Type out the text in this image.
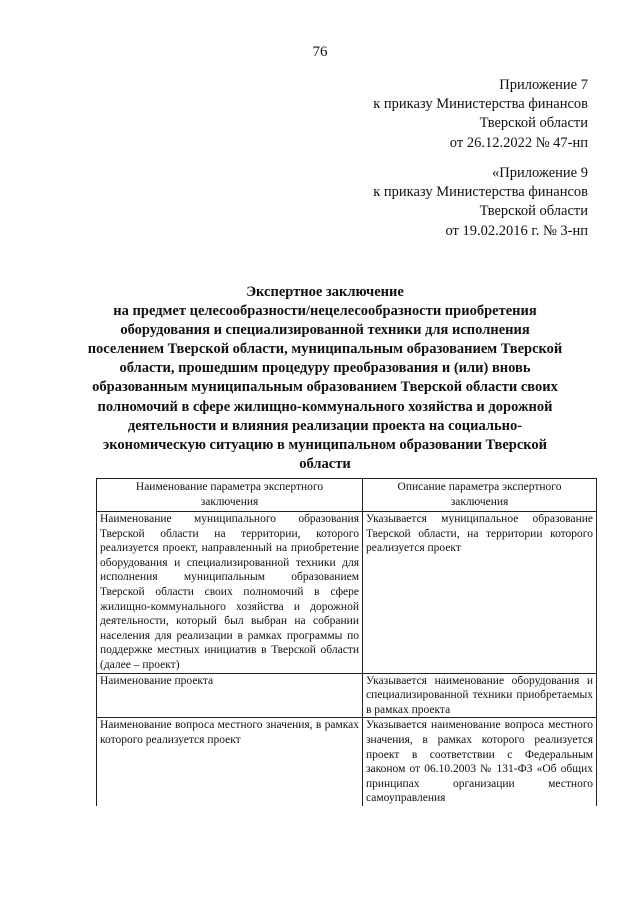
76
Приложение 7
к приказу Министерства финансов
Тверской области
от 26.12.2022 № 47-нп
«Приложение 9
к приказу Министерства финансов
Тверской области
от 19.02.2016 г. № 3-нп
Экспертное заключение
на предмет целесообразности/нецелесообразности приобретения
оборудования и специализированной техники для исполнения
поселением Тверской области, муниципальным образованием Тверской
области, прошедшим процедуру преобразования и (или) вновь
образованным муниципальным образованием Тверской области своих
полномочий в сфере жилищно-коммунального хозяйства и дорожной
деятельности и влияния реализации проекта на социально-
экономическую ситуацию в муниципальном образовании Тверской
области
Наименование параметра экспертного заключения	Описание параметра экспертного заключения
Наименование муниципального образования Тверской области на территории, которого реализуется проект, направленный на приобретение оборудования и специализированной техники для исполнения муниципальным образованием Тверской области своих полномочий в сфере жилищно-коммунального хозяйства и дорожной деятельности, который был выбран на собрании населения для реализации в рамках программы по поддержке местных инициатив в Тверской области (далее – проект)	Указывается муниципальное образование Тверской области, на территории которого реализуется проект
Наименование проекта	Указывается наименование оборудования и специализированной техники приобретаемых в рамках проекта
Наименование вопроса местного значения, в рамках которого реализуется проект	Указывается наименование вопроса местного значения, в рамках которого реализуется проект в соответствии с Федеральным законом от 06.10.2003 № 131-ФЗ «Об общих принципах организации местного самоуправления
